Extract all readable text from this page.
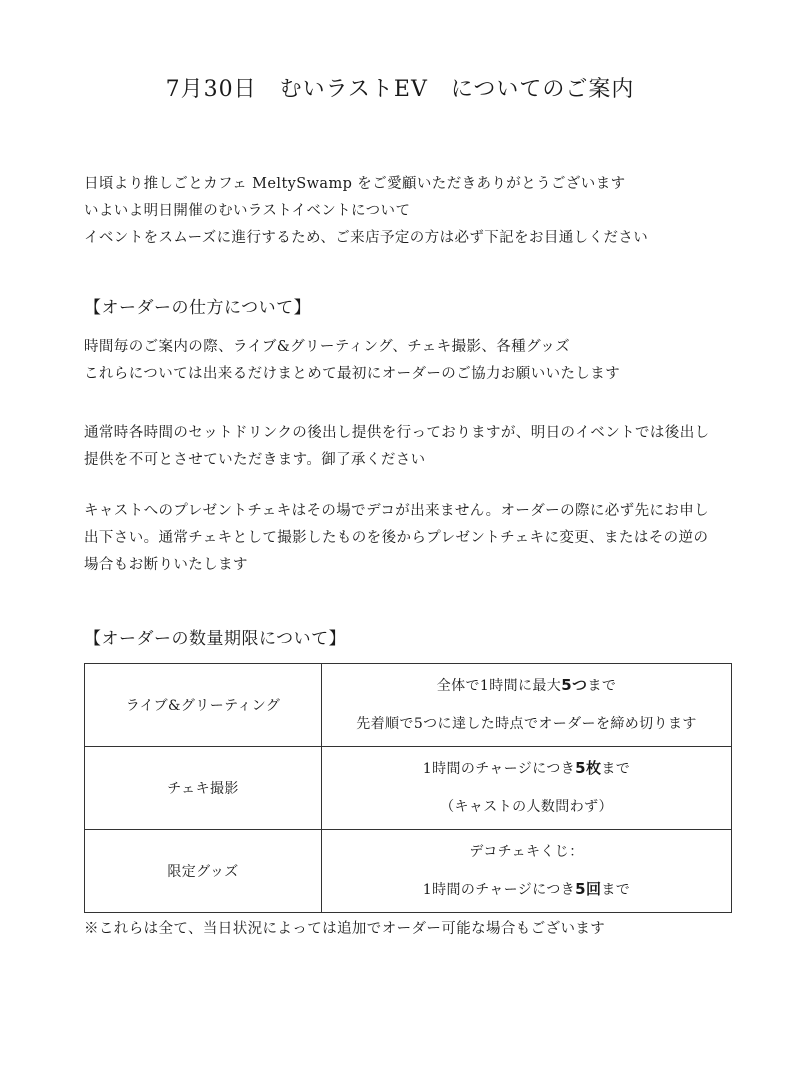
7月30日　むいラストEV　についてのご案内
日頃より推しごとカフェ MeltySwamp をご愛顧いただきありがとうございます
いよいよ明日開催のむいラストイベントについて
イベントをスムーズに進行するため、ご来店予定の方は必ず下記をお目通しください
【オーダーの仕方について】
時間毎のご案内の際、ライブ&グリーティング、チェキ撮影、各種グッズ
これらについては出来るだけまとめて最初にオーダーのご協力お願いいたします
通常時各時間のセットドリンクの後出し提供を行っておりますが、明日のイベントでは後出し
提供を不可とさせていただきます。御了承ください
キャストへのプレゼントチェキはその場でデコが出来ません。オーダーの際に必ず先にお申し
出下さい。通常チェキとして撮影したものを後からプレゼントチェキに変更、またはその逆の
場合もお断りいたします
【オーダーの数量期限について】
ライブ&グリーティング	全体で1時間に最大5つまで
先着順で5つに達した時点でオーダーを締め切ります

チェキ撮影	1時間のチャージにつき5枚まで
（キャストの人数問わず）

限定グッズ	デコチェキくじ：
1時間のチャージにつき5回まで
※これらは全て、当日状況によっては追加でオーダー可能な場合もございます
